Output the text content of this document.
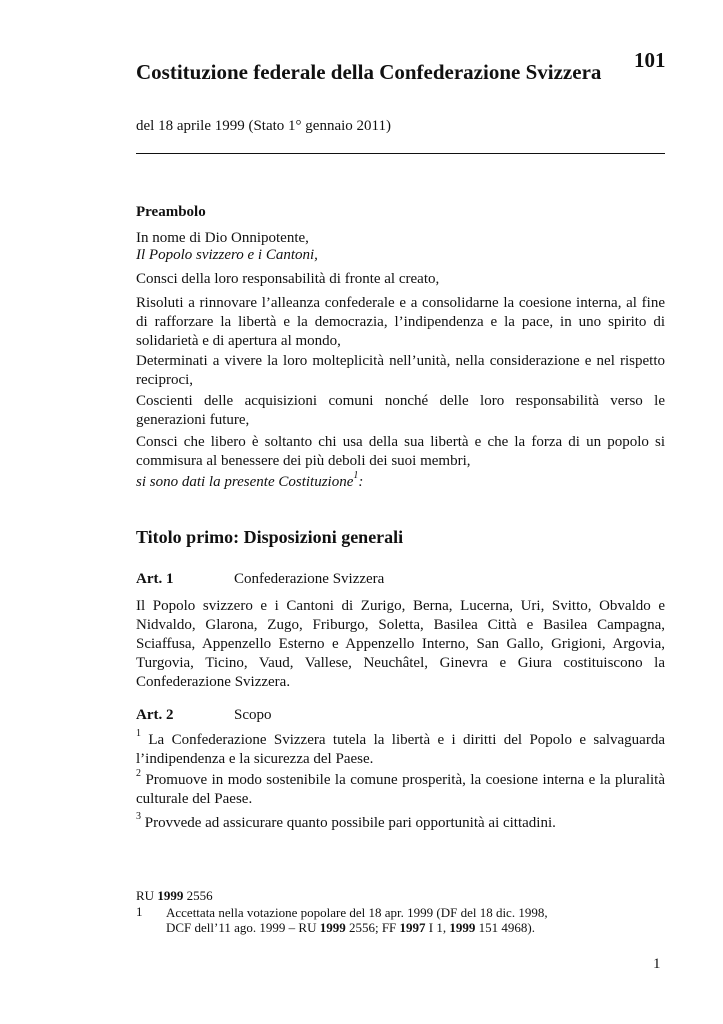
Costituzione federale della Confederazione Svizzera 101
del 18 aprile 1999 (Stato 1° gennaio 2011)

Preambolo

In nome di Dio Onnipotente,

Il Popolo svizzero e i Cantoni,

Consci della loro responsabilità di fronte al creato,

Risoluti a rinnovare l’alleanza confederale e a consolidarne la coesione interna, al fine di rafforzare la libertà e la democrazia, l’indipendenza e la pace, in uno spirito di solidarietà e di apertura al mondo,

Determinati a vivere la loro molteplicità nell’unità, nella considerazione e nel rispetto reciproci,

Coscienti delle acquisizioni comuni nonché delle loro responsabilità verso le generazioni future,

Consci che libero è soltanto chi usa della sua libertà e che la forza di un popolo si commisura al benessere dei più deboli dei suoi membri,

si sono dati la presente Costituzione$^1$:

Titolo primo: Disposizioni generali
Art. 1	Confederazione Svizzera

Il Popolo svizzero e i Cantoni di Zurigo, Berna, Lucerna, Uri, Svitto, Obvaldo e Nidvaldo, Glarona, Zugo, Friburgo, Soletta, Basilea Città e Basilea Campagna, Sciaffusa, Appenzello Esterno e Appenzello Interno, San Gallo, Grigioni, Argovia, Turgovia, Ticino, Vaud, Vallese, Neuchâtel, Ginevra e Giura costituiscono la Confederazione Svizzera.

Art. 2	Scopo

$^1$ La Confederazione Svizzera tutela la libertà e i diritti del Popolo e salvaguarda l’indipendenza e la sicurezza del Paese.

$^2$ Promuove in modo sostenibile la comune prosperità, la coesione interna e la pluralità culturale del Paese.

$^3$ Provvede ad assicurare quanto possibile pari opportunità ai cittadini.

RU 1999 2556
1 Accettata nella votazione popolare del 18 apr. 1999 (DF del 18 dic. 1998,
DCF dell’11 ago. 1999 – RU 1999 2556; FF 1997 I 1, 1999 151 4968).
1
